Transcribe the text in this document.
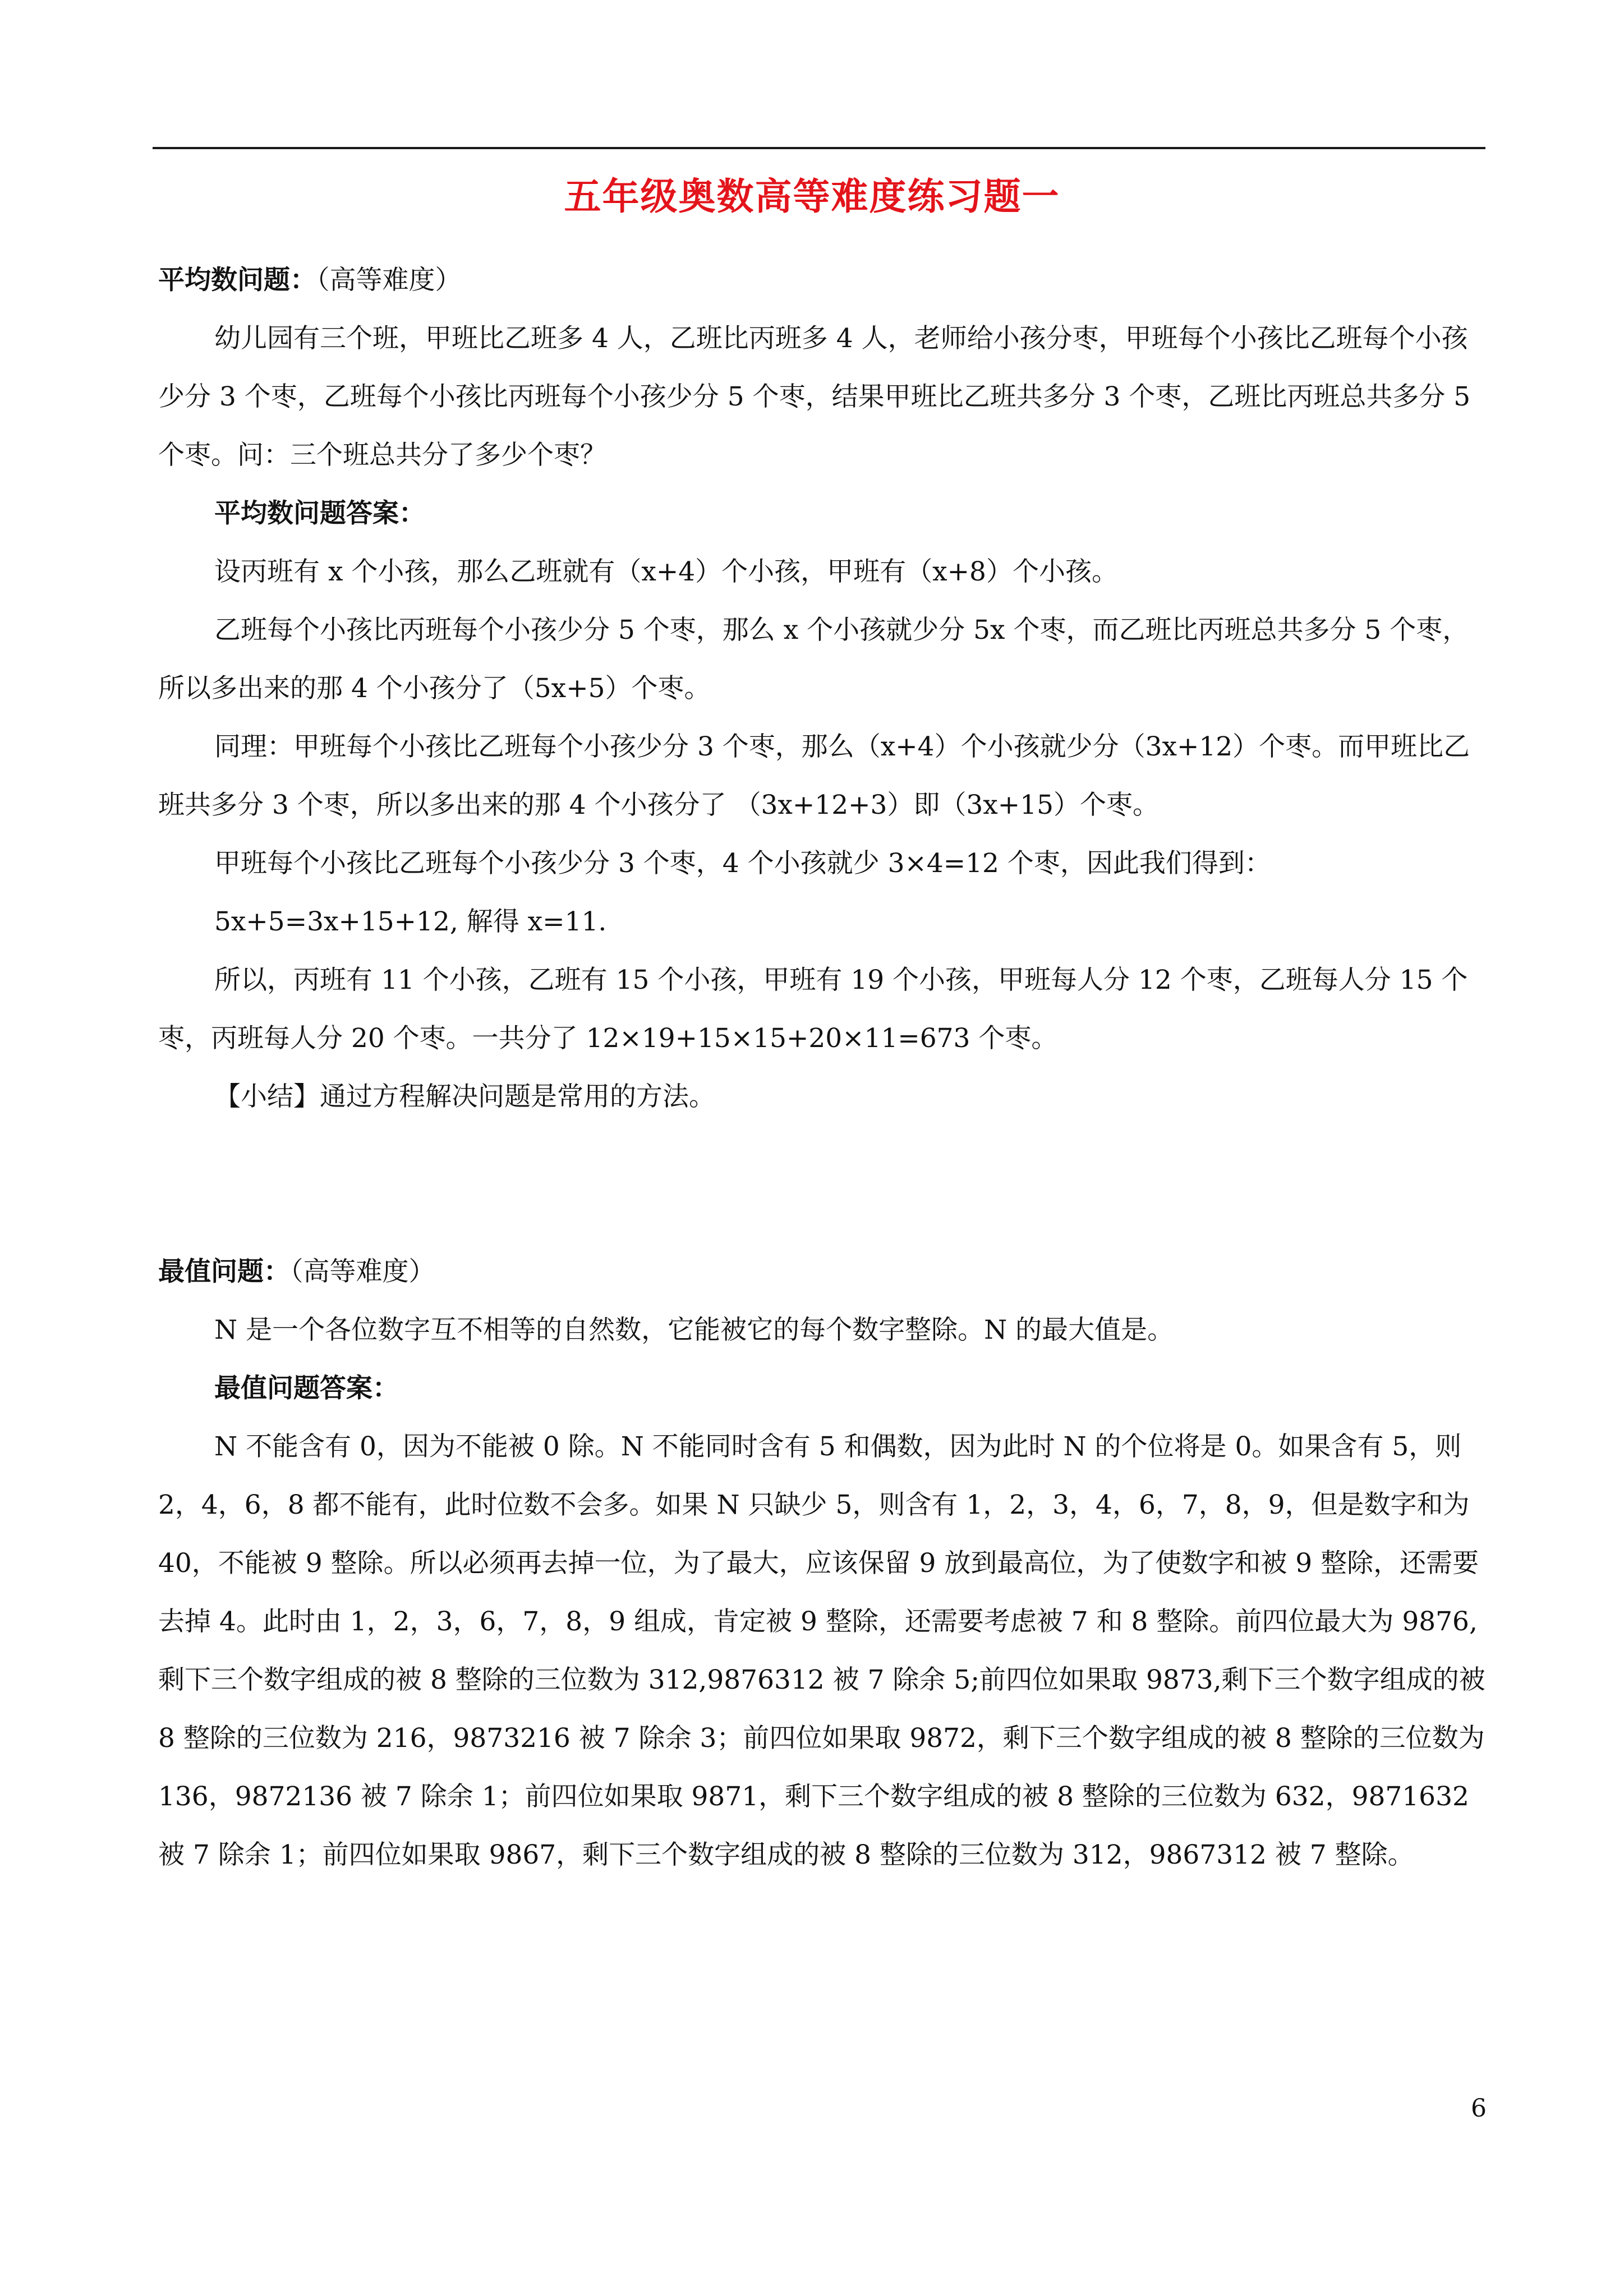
五年级奥数高等难度练习题一

平均数问题：（高等难度）

幼儿园有三个班，甲班比乙班多 4 人，乙班比丙班多 4 人，老师给小孩分枣，甲班每个小孩比乙班每个小孩少分 3 个枣，乙班每个小孩比丙班每个小孩少分 5 个枣，结果甲班比乙班共多分 3 个枣，乙班比丙班总共多分 5 个枣。问：三个班总共分了多少个枣？

平均数问题答案：

设丙班有 x 个小孩，那么乙班就有（x+4）个小孩，甲班有（x+8）个小孩。

乙班每个小孩比丙班每个小孩少分 5 个枣，那么 x 个小孩就少分 5x 个枣，而乙班比丙班总共多分 5 个枣，所以多出来的那 4 个小孩分了（5x+5）个枣。

同理：甲班每个小孩比乙班每个小孩少分 3 个枣，那么（x+4）个小孩就少分（3x+12）个枣。而甲班比乙班共多分 3 个枣，所以多出来的那 4 个小孩分了 （3x+12+3）即（3x+15）个枣。

甲班每个小孩比乙班每个小孩少分 3 个枣，4 个小孩就少 3×4=12 个枣，因此我们得到：

5x+5=3x+15+12, 解得 x=11.

所以，丙班有 11 个小孩，乙班有 15 个小孩，甲班有 19 个小孩，甲班每人分 12 个枣，乙班每人分 15 个枣，丙班每人分 20 个枣。一共分了 12×19+15×15+20×11=673 个枣。

【小结】通过方程解决问题是常用的方法。

最值问题：（高等难度）

N 是一个各位数字互不相等的自然数，它能被它的每个数字整除。N 的最大值是。

最值问题答案：

N 不能含有 0，因为不能被 0 除。N 不能同时含有 5 和偶数，因为此时 N 的个位将是 0。如果含有 5，则 2，4，6，8 都不能有，此时位数不会多。如果 N 只缺少 5，则含有 1，2，3，4，6，7，8，9，但是数字和为 40，不能被 9 整除。所以必须再去掉一位，为了最大，应该保留 9 放到最高位，为了使数字和被 9 整除，还需要去掉 4。此时由 1，2，3，6，7，8，9 组成，肯定被 9 整除，还需要考虑被 7 和 8 整除。前四位最大为 9876,剩下三个数字组成的被 8 整除的三位数为 312,9876312 被 7 除余 5;前四位如果取 9873,剩下三个数字组成的被 8 整除的三位数为 216，9873216 被 7 除余 3；前四位如果取 9872，剩下三个数字组成的被 8 整除的三位数为 136，9872136 被 7 除余 1；前四位如果取 9871，剩下三个数字组成的被 8 整除的三位数为 632，9871632 被 7 除余 1；前四位如果取 9867，剩下三个数字组成的被 8 整除的三位数为 312，9867312 被 7 整除。

6
